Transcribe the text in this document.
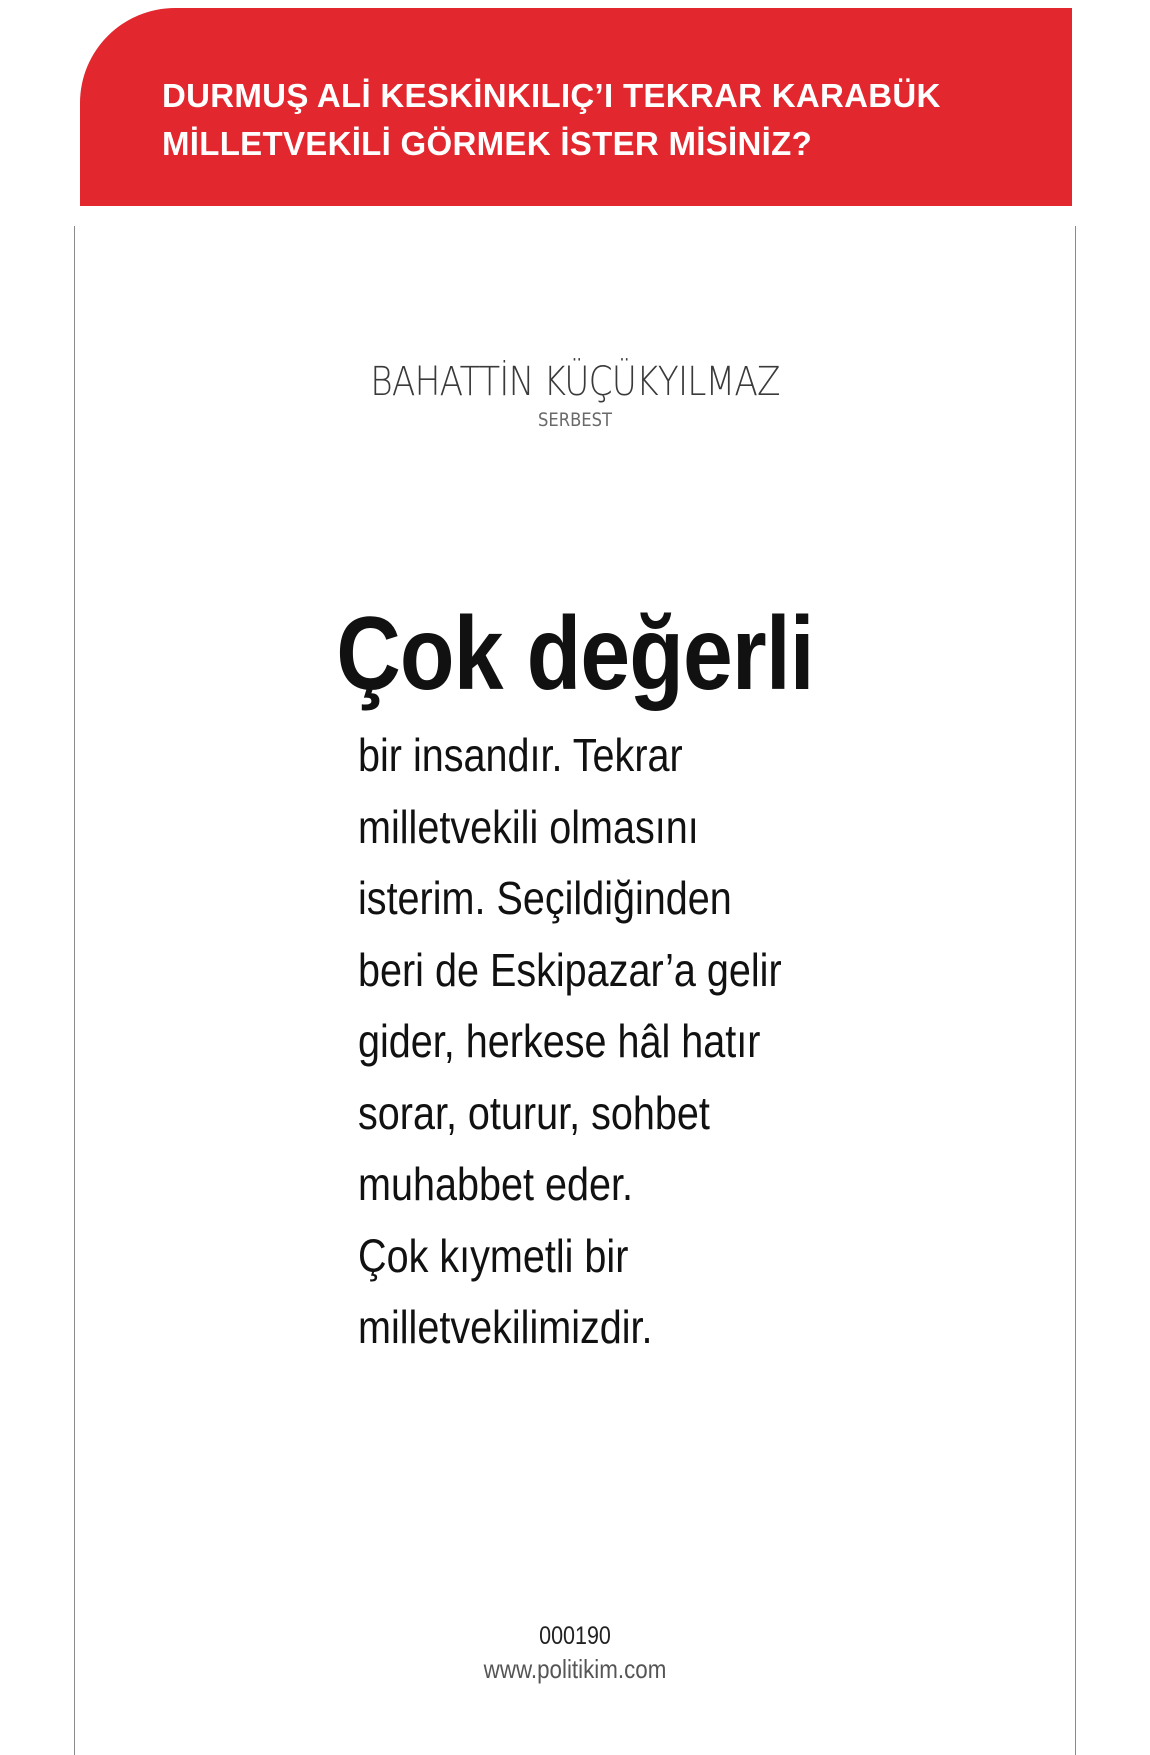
DURMUŞ ALİ KESKİNKILIÇ’I TEKRAR KARABÜK
MİLLETVEKİLİ GÖRMEK İSTER MİSİNİZ?
BAHATTİN KÜÇÜKYILMAZ
SERBEST
Çok değerli
bir insandır. Tekrar
milletvekili olmasını
isterim. Seçildiğinden
beri de Eskipazar’a gelir
gider, herkese hâl hatır
sorar, oturur, sohbet
muhabbet eder.
Çok kıymetli bir
milletvekilimizdir.
000190
www.politikim.com
